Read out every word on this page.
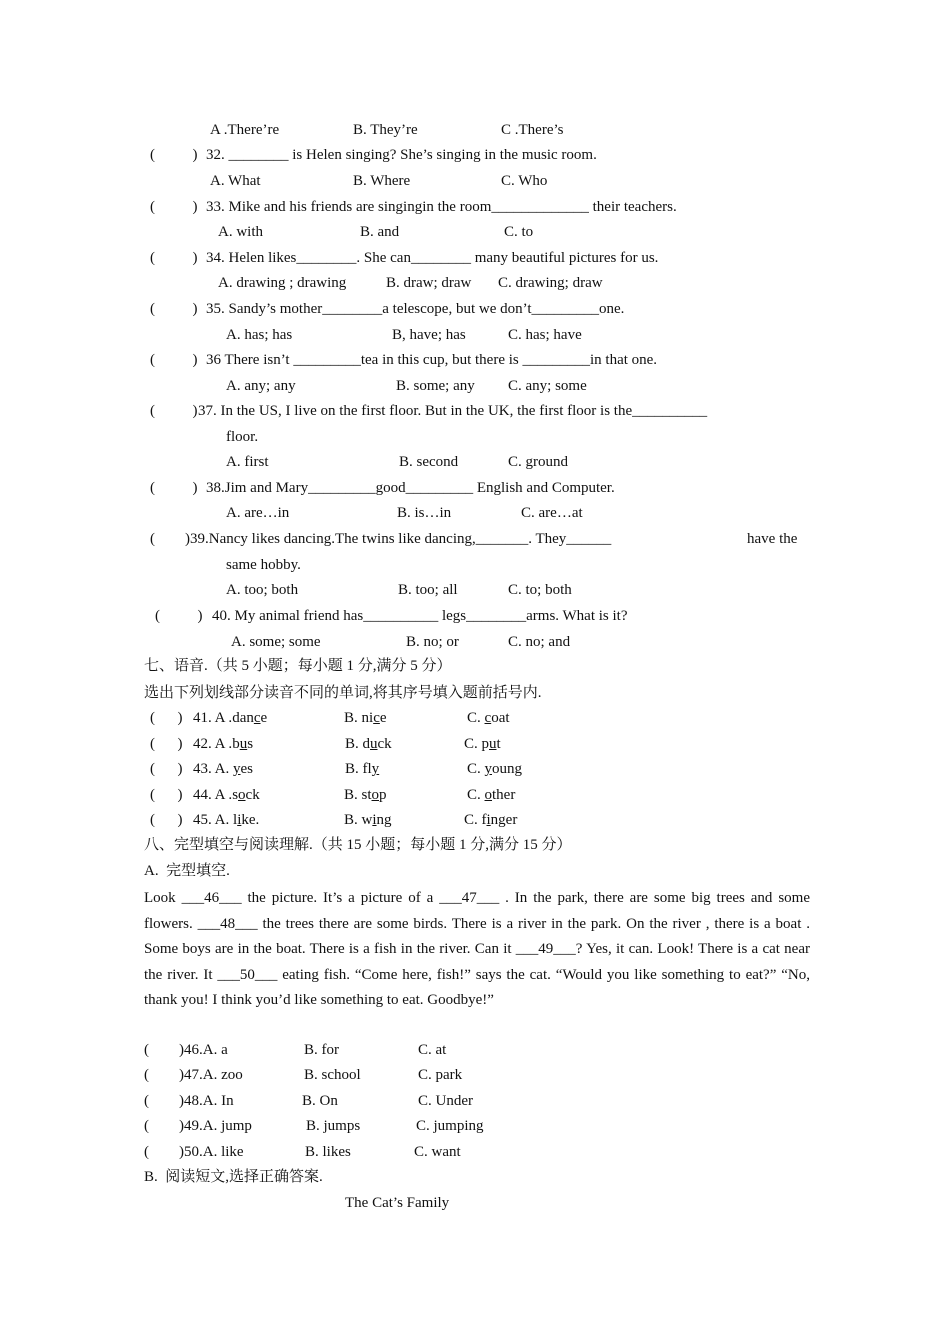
A .There’re	B. They’re	C .There’s
(          ) 32. ________ is Helen singing? She’s singing in the music room.
A. What	B. Where	C. Who
(          ) 33. Mike and his friends are singingin the room_____________ their teachers.
A. with	B. and	C. to
(          ) 34. Helen likes________. She can________ many beautiful pictures for us.
A. drawing ; drawing	B. draw; draw C. drawing; draw
(          ) 35. Sandy’s mother________a telescope, but we don’t_________one.
A. has; has	B, have; has	C. has; have
(          ) 36 There isn’t _________tea in this cup, but there is _________in that one.
A. any; any	B. some; any C. any; some
(          ) 37. In the US, I live on the first floor. But in the UK, the first floor is the__________
floor.
A. first	B. second	C. ground
(          ) 38.Jim and Mary_________good_________ English and Computer.
A. are…in	B. is…in	C. are…at
(        ) 39.Nancy likes dancing.The twins like dancing,_______. They______	have the
same hobby.
A. too; both	B. too; all	C. to; both
(          ) 40. My animal friend has__________ legs________arms. What is it?
A. some; some	B. no; or	C. no; and
七、语音.（共 5 小题；每小题 1 分,满分 5 分）
选出下列划线部分读音不同的单词,将其序号填入题前括号内.
(      ) 41. A .dance	B. nice	C. coat
(      ) 42. A .bus	B. duck	C. put
(      ) 43. A. yes	B. fly	C. young
(      ) 44. A .sock	B. stop	C. other
(      ) 45. A. like.	B. wing	C. finger
八、完型填空与阅读理解.（共 15 小题；每小题 1 分,满分 15 分）
A.  完型填空.
Look ___46___ the picture. It’s a picture of a ___47___ . In the park, there are some big trees and some flowers. ___48___ the trees there are some birds. There is a river in the park. On the river , there is a boat . Some boys are in the boat. There is a fish in the river. Can it ___49___? Yes, it can. Look! There is a cat near the river. It ___50___ eating fish. “Come here, fish!” says the cat. “Would you like something to eat?” “No, thank you! I think you’d like something to eat. Goodbye!”
(        ) 46.A. a	B. for	C. at
(        ) 47.A. zoo	B. school	C. park
(        ) 48.A. In	B. On	C. Under
(        ) 49.A. jump	B. jumps	C. jumping
(        ) 50.A. like	B. likes	C. want
B.  阅读短文,选择正确答案.
The Cat’s Family
